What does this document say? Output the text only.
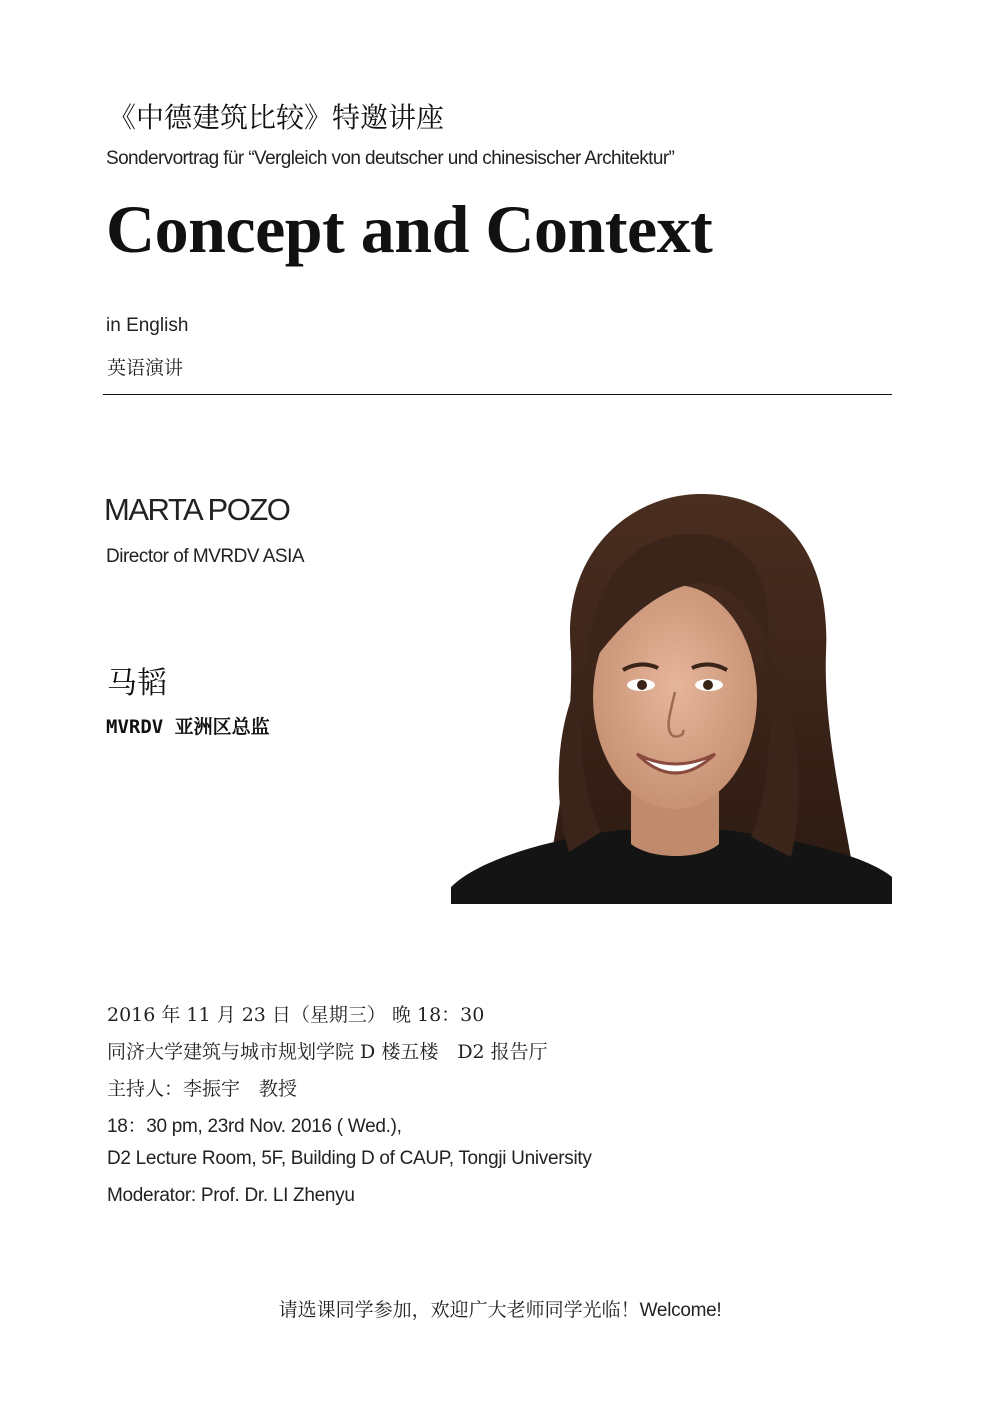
《中德建筑比较》特邀讲座
Sondervortrag für “Vergleich von deutscher und chinesischer Architektur”
Concept and Context
in English
英语演讲
MARTA POZO
Director of MVRDV ASIA
马韬
MVRDV 亚洲区总监
2016 年 11 月 23 日（星期三） 晚 18：30
同济大学建筑与城市规划学院 D 楼五楼　D2 报告厅
主持人：李振宇　教授
18：30 pm, 23rd Nov. 2016 ( Wed.),
D2 Lecture Room, 5F, Building D of CAUP, Tongji University
Moderator: Prof. Dr. LI Zhenyu
请选课同学参加，欢迎广大老师同学光临！Welcome!
